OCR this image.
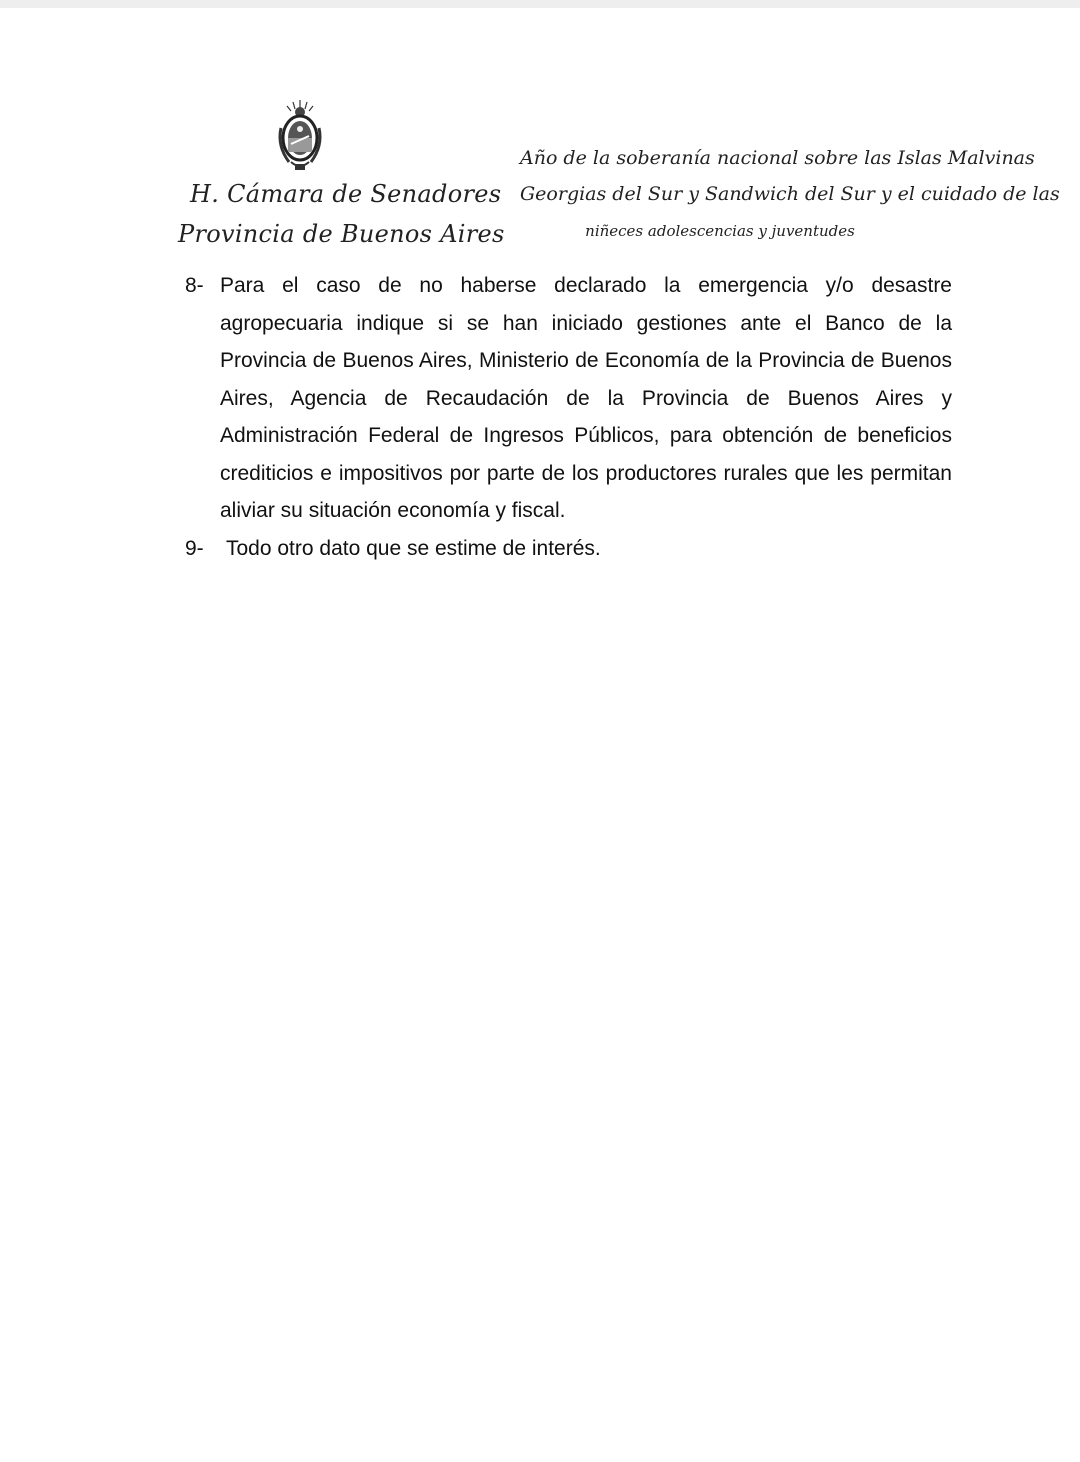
H. Cámara de Senadores
Provincia de Buenos Aires
Año de la soberanía nacional sobre las Islas Malvinas
Georgias del Sur y Sandwich del Sur y el cuidado de las
niñeces adolescencias y juventudes
8- Para el caso de no haberse declarado la emergencia y/o desastre agropecuaria indique si se han iniciado gestiones ante el Banco de la Provincia de Buenos Aires, Ministerio de Economía de la Provincia de Buenos Aires, Agencia de Recaudación de la Provincia de Buenos Aires y Administración Federal de Ingresos Públicos, para obtención de beneficios crediticios e impositivos por parte de los productores rurales que les permitan aliviar su situación economía y fiscal.
9- Todo otro dato que se estime de interés.
